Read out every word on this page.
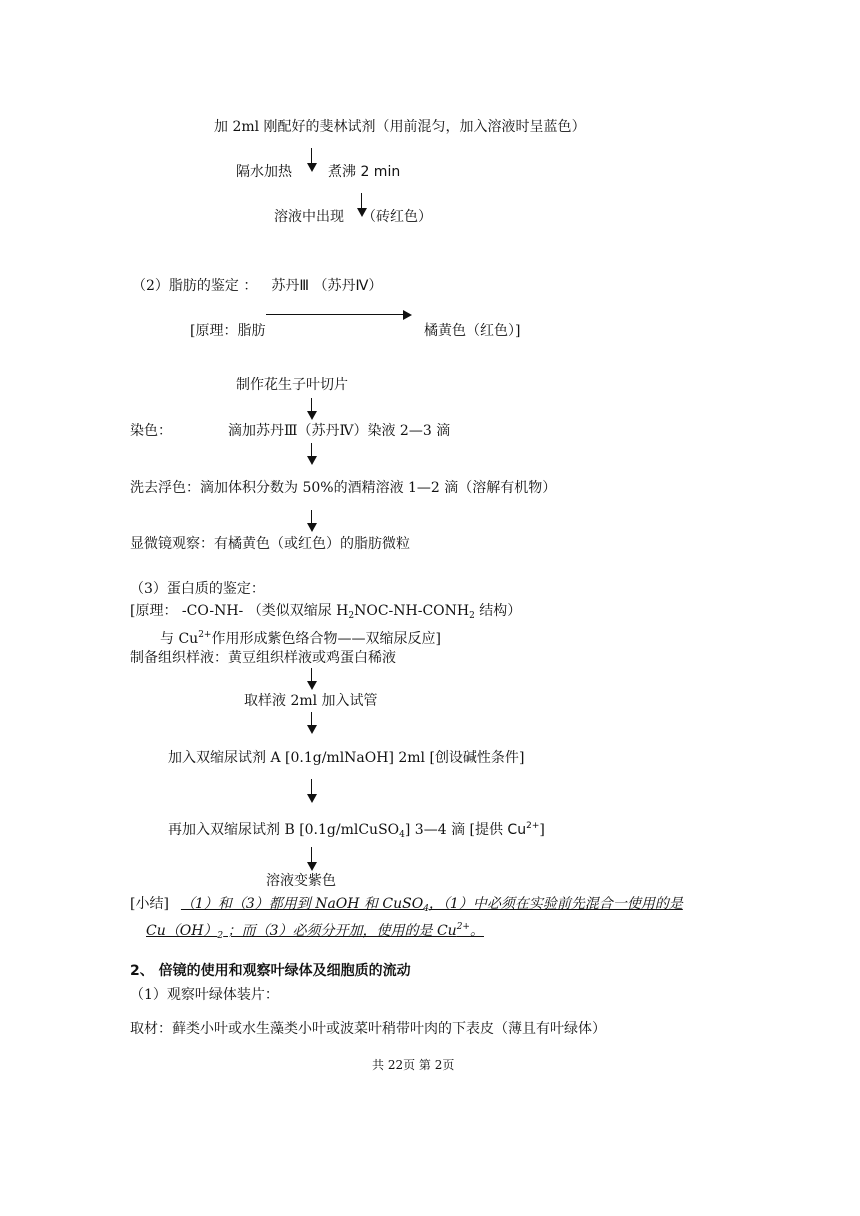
加 2ml 刚配好的斐林试剂（用前混匀，加入溶液时呈蓝色）
隔水加热	煮沸 2 min
溶液中出现 （砖红色）
（2）脂肪的鉴定 ： 苏丹Ⅲ （苏丹Ⅳ）
[原理：脂肪	橘黄色（红色）]
制作花生子叶切片
染色：	滴加苏丹Ⅲ（苏丹Ⅳ）染液 2—3 滴
洗去浮色：滴加体积分数为 50%的酒精溶液 1—2 滴（溶解有机物）
显微镜观察：有橘黄色（或红色）的脂肪微粒
（3）蛋白质的鉴定：
[原理： -CO-NH- （类似双缩尿 $H_2NOC-NH-CONH_2$ 结构）
与 $Cu^{2+}$作用形成紫色络合物——双缩尿反应]
制备组织样液：黄豆组织样液或鸡蛋白稀液
取样液 2ml 加入试管
加入双缩尿试剂 A [0.1g/mlNaOH] 2ml [创设碱性条件]
再加入双缩尿试剂 B [0.1g/mlCuSO$_4$] 3—4 滴 [提供 $Cu^{2+}$]
溶液变紫色
[小结] （1）和（3）都用到 NaOH 和 CuSO$_4$，（1）中必须在实验前先混合一使用的是
$Cu(OH)_2$ ；而（3）必须分开加，使用的是 $Cu^{2+}$。
2、 倍镜的使用和观察叶绿体及细胞质的流动
（1）观察叶绿体装片：
取材：藓类小叶或水生藻类小叶或波菜叶稍带叶肉的下表皮（薄且有叶绿体）
共 22页 第 2页
